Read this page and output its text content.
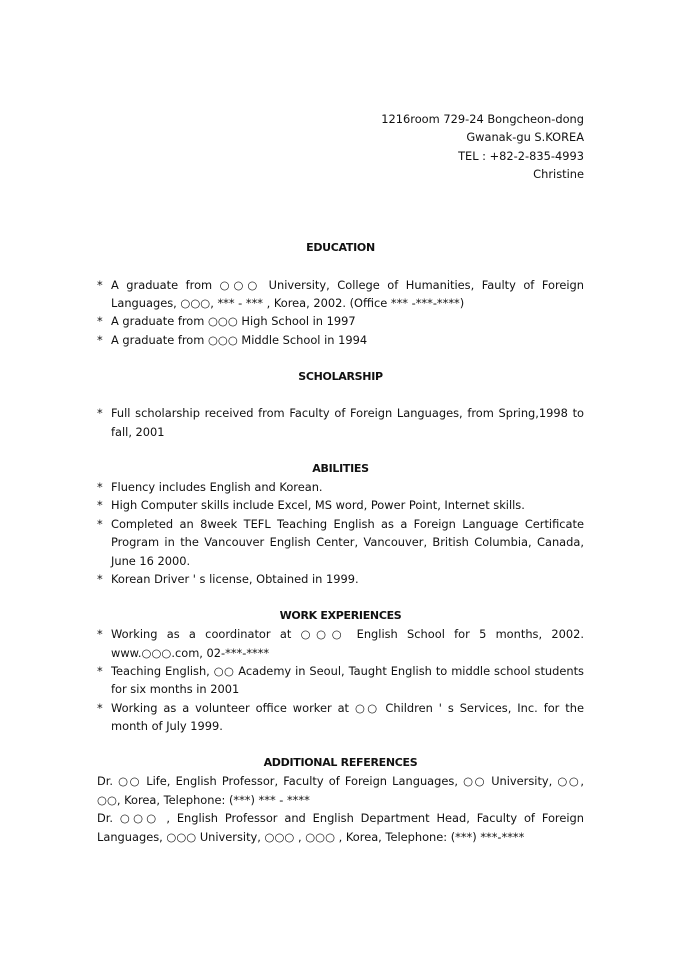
1216room 729-24 Bongcheon-dong
Gwanak-gu S.KOREA
TEL : +82-2-835-4993
Christine
EDUCATION
* A graduate from ○○○ University, College of Humanities, Faulty of Foreign Languages, ○○○, *** - *** , Korea, 2002. (Office *** -***-****)
* A graduate from ○○○ High School in 1997
* A graduate from ○○○ Middle School in 1994
SCHOLARSHIP
* Full scholarship received from Faculty of Foreign Languages, from Spring,1998 to fall, 2001
ABILITIES
* Fluency includes English and Korean.
* High Computer skills include Excel, MS word, Power Point, Internet skills.
* Completed an 8week TEFL Teaching English as a Foreign Language Certificate Program in the Vancouver English Center, Vancouver, British Columbia, Canada, June 16 2000.
* Korean Driver ' s license, Obtained in 1999.
WORK EXPERIENCES
* Working as a coordinator at ○○○ English School for 5 months, 2002. www.○○○.com, 02-***-****
* Teaching English, ○○ Academy in Seoul, Taught English to middle school students for six months in 2001
* Working as a volunteer office worker at ○○ Children ' s Services, Inc. for the month of July 1999.
ADDITIONAL REFERENCES
Dr. ○○ Life, English Professor, Faculty of Foreign Languages, ○○ University, ○○, ○○, Korea, Telephone: (***) *** - ****
Dr. ○○○ , English Professor and English Department Head, Faculty of Foreign Languages, ○○○ University, ○○○ , ○○○ , Korea, Telephone: (***) ***-****
